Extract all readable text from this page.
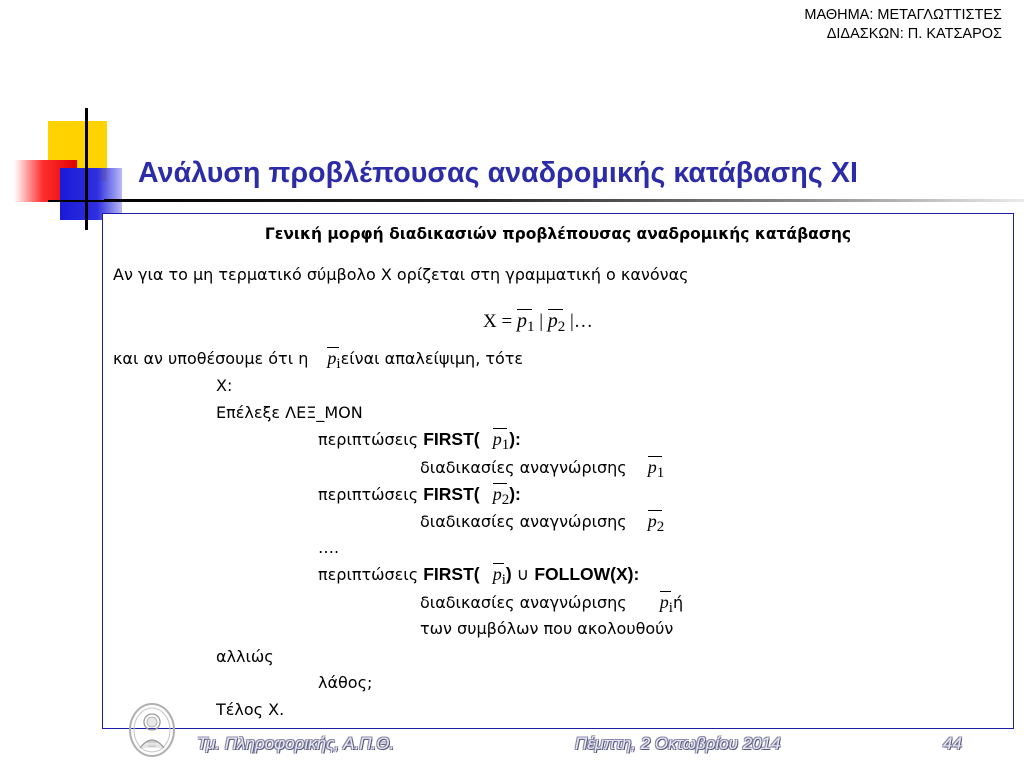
ΜΑΘΗΜΑ: ΜΕΤΑΓΛΩΤΤΙΣΤΕΣ
ΔΙΔΑΣΚΩΝ: Π. ΚΑΤΣΑΡΟΣ
Ανάλυση προβλέπουσας αναδρομικής κατάβασης XI
Γενική μορφή διαδικασιών προβλέπουσας αναδρομικής κατάβασης
Αν για το μη τερματικό σύμβολο Χ ορίζεται στη γραμματική ο κανόνας
$X = p_1$ | $p_2$ |…
και αν υποθέσουμε ότι η $p_i\varepsilon ί\nu\alpha\iota$ απαλείψιμη, τότε
X:
Επέλεξε ΛΕΞ_ΜΟΝ
περιπτώσεις FIRST( $p_1$):
διαδικασίες αναγνώρισης $p_1$
περιπτώσεις FIRST( $p_2$):
διαδικασίες αναγνώρισης $p_2$
….
περιπτώσεις FIRST( $p_i$) ∪ FOLLOW(X):
διαδικασίες αναγνώρισης $p_iή$
των συμβόλων που ακολουθούν
αλλιώς
λάθος;
Τέλος Χ.
Τμ. Πληροφορικής, Α.Π.Θ.	Πέμπτη, 2 Οκτωβρίου 2014	44
